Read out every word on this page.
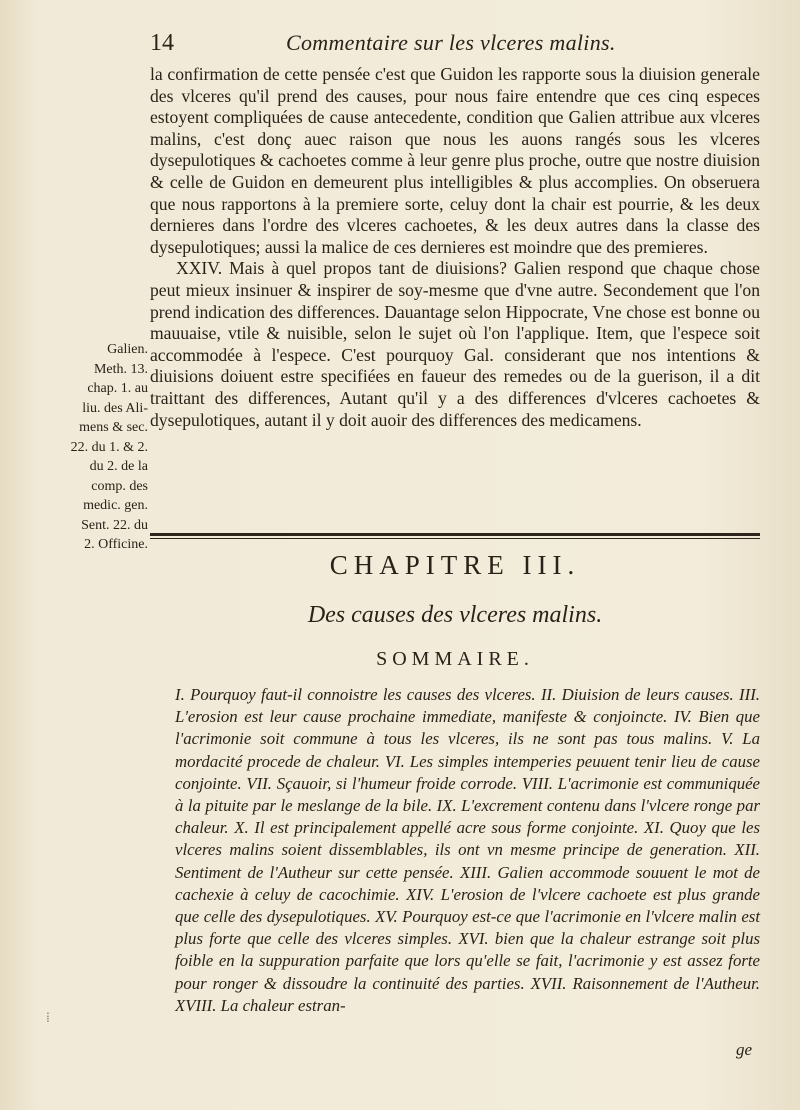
14	Commentaire sur les vlceres malins.

la confirmation de cette pensée c'est que Guidon les rapporte sous la diuision generale des vlceres qu'il prend des causes, pour nous faire entendre que ces cinq especes estoyent compliquées de cause antecedente, condition que Galien attribue aux vlceres malins, c'est donç auec raison que nous les auons rangés sous les vlceres dysepulotiques & cachoetes comme à leur genre plus proche, outre que nostre diuision & celle de Guidon en demeurent plus intelligibles & plus accomplies. On obseruera que nous rapportons à la premiere sorte, celuy dont la chair est pourrie, & les deux dernieres dans l'ordre des vlceres cachoetes, & les deux autres dans la classe des dysepulotiques; aussi la malice de ces dernieres est moindre que des premieres.

XXIV. Mais à quel propos tant de diuisions? Galien respond que chaque chose peut mieux insinuer & inspirer de soy-mesme que d'vne autre. Secondement que l'on prend indication des differences. Dauantage selon Hippocrate, Vne chose est bonne ou mauuaise, vtile & nuisible, selon le sujet où l'on l'applique. Item, que l'espece soit accommodée à l'espece. C'est pourquoy Gal. considerant que nos intentions & diuisions doiuent estre specifiées en faueur des remedes ou de la guerison, il a dit traittant des differences, Autant qu'il y a des differences d'vlceres cachoetes & dysepulotiques, autant il y doit auoir des differences des medicamens.

Galien.
Meth. 13.
chap. 1. au
liu. des Ali-
mens & sec.
22. du 1. & 2.
du 2. de la
comp. des
medic. gen.
Sent. 22. du
2. Officine.
CHAPITRE III.
Des causes des vlceres malins.
SOMMAIRE.
I. Pourquoy faut-il connoistre les causes des vlceres. II. Diuision de leurs causes. III. L'erosion est leur cause prochaine immediate, manifeste & conjoincte. IV. Bien que l'acrimonie soit commune à tous les vlceres, ils ne sont pas tous malins. V. La mordacité procede de chaleur. VI. Les simples intemperies peuuent tenir lieu de cause conjointe. VII. Sçauoir, si l'humeur froide corrode. VIII. L'acrimonie est communiquée à la pituite par le meslange de la bile. IX. L'excrement contenu dans l'vlcere ronge par chaleur. X. Il est principalement appellé acre sous forme conjointe. XI. Quoy que les vlceres malins soient dissemblables, ils ont vn mesme principe de generation. XII. Sentiment de l'Autheur sur cette pensée. XIII. Galien accommode souuent le mot de cachexie à celuy de cacochimie. XIV. L'erosion de l'vlcere cachoete est plus grande que celle des dysepulotiques. XV. Pourquoy est-ce que l'acrimonie en l'vlcere malin est plus forte que celle des vlceres simples. XVI. bien que la chaleur estrange soit plus foible en la suppuration parfaite que lors qu'elle se fait, l'acrimonie y est assez forte pour ronger & dissoudre la continuité des parties. XVII. Raisonnement de l'Autheur. XVIII. La chaleur estran-
ge
⁞
